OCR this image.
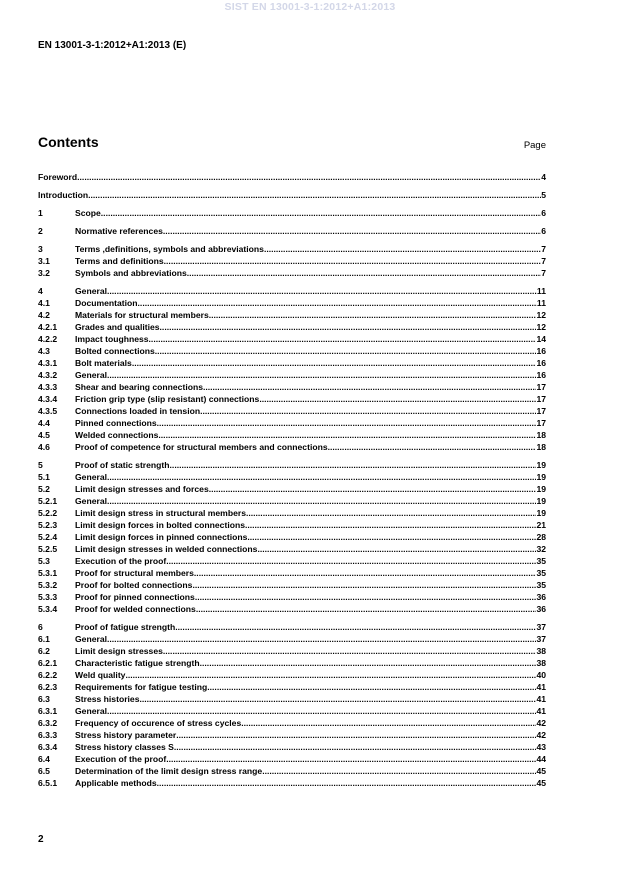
SIST EN 13001-3-1:2012+A1:2013
EN 13001-3-1:2012+A1:2013 (E)
Contents	Page
Foreword .....	4
Introduction .....	5
1	Scope .....	6
2	Normative references .....	6
3	Terms ,definitions, symbols and abbreviations .....	7
3.1	Terms and definitions .....	7
3.2	Symbols and abbreviations .....	7
4	General .....	11
4.1	Documentation .....	11
4.2	Materials for structural members .....	12
4.2.1	Grades and qualities .....	12
4.2.2	Impact toughness .....	14
4.3	Bolted connections .....	16
4.3.1	Bolt materials .....	16
4.3.2	General .....	16
4.3.3	Shear and bearing connections .....	17
4.3.4	Friction grip type (slip resistant) connections .....	17
4.3.5	Connections loaded in tension .....	17
4.4	Pinned connections .....	17
4.5	Welded connections .....	18
4.6	Proof of competence for structural members and connections .....	18
5	Proof of static strength .....	19
5.1	General .....	19
5.2	Limit design stresses and forces .....	19
5.2.1	General .....	19
5.2.2	Limit design stress in structural members .....	19
5.2.3	Limit design forces in bolted connections .....	21
5.2.4	Limit design forces in pinned connections .....	28
5.2.5	Limit design stresses in welded connections .....	32
5.3	Execution of the proof .....	35
5.3.1	Proof for structural members .....	35
5.3.2	Proof for bolted connections .....	35
5.3.3	Proof for pinned connections .....	36
5.3.4	Proof for welded connections .....	36
6	Proof of fatigue strength .....	37
6.1	General .....	37
6.2	Limit design stresses .....	38
6.2.1	Characteristic fatigue strength .....	38
6.2.2	Weld quality .....	40
6.2.3	Requirements for fatigue testing .....	41
6.3	Stress histories .....	41
6.3.1	General .....	41
6.3.2	Frequency of occurence of stress cycles .....	42
6.3.3	Stress history parameter .....	42
6.3.4	Stress history classes S .....	43
6.4	Execution of the proof .....	44
6.5	Determination of the limit design stress range .....	45
6.5.1	Applicable methods .....	45
2
